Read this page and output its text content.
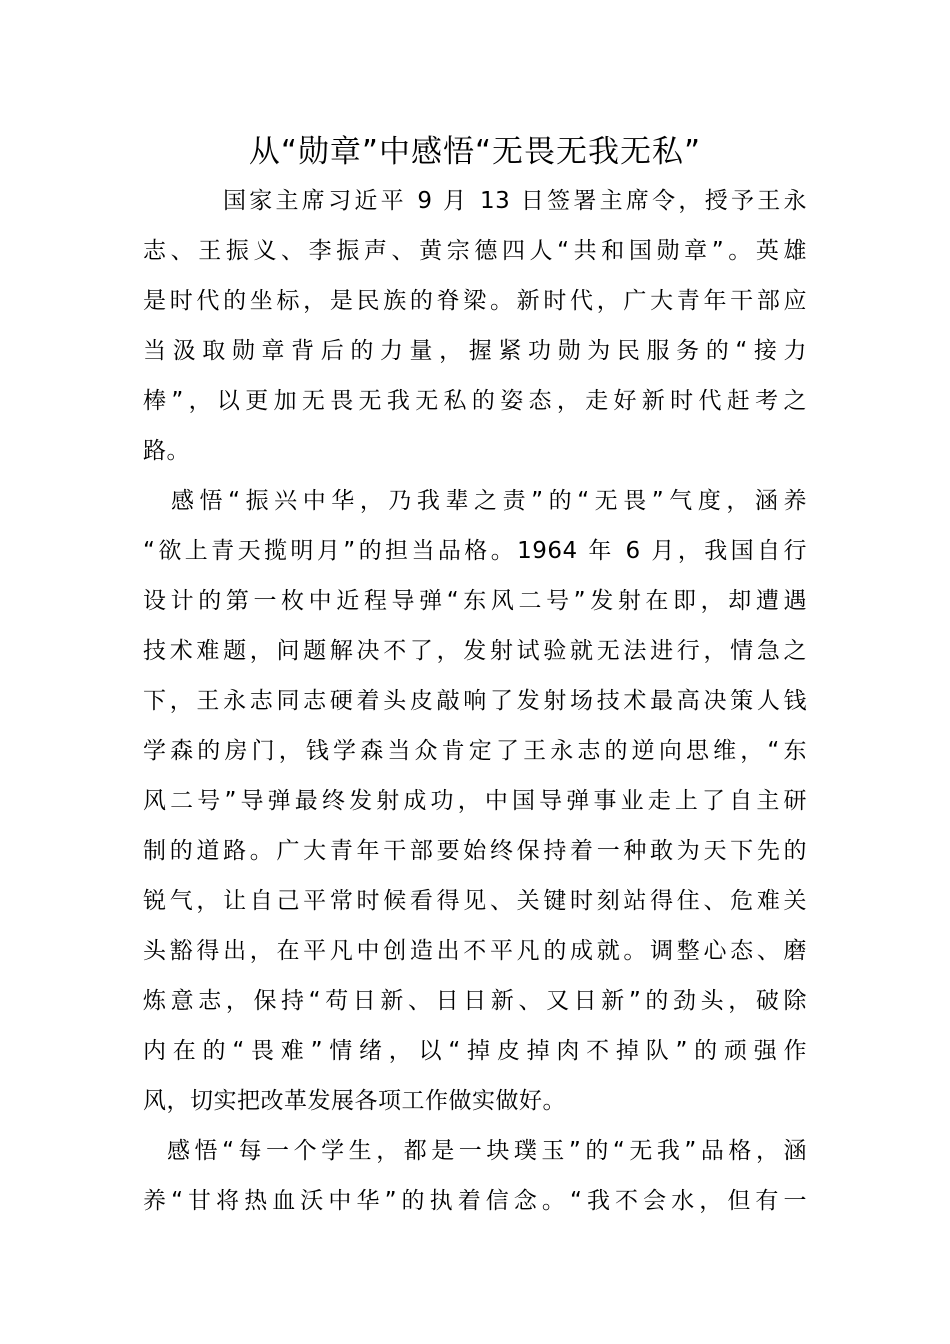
从“勋章”中感悟“无畏无我无私”
国家主席习近平 9 月 13 日签署主席令，授予王永
志、王振义、李振声、黄宗德四人“共和国勋章”。英雄
是时代的坐标，是民族的脊梁。新时代，广大青年干部应
当汲取勋章背后的力量，握紧功勋为民服务的“接力
棒”，以更加无畏无我无私的姿态，走好新时代赶考之
路。
感悟“振兴中华，乃我辈之责”的“无畏”气度，涵养
“欲上青天揽明月”的担当品格。1964 年 6 月，我国自行
设计的第一枚中近程导弹“东风二号”发射在即，却遭遇
技术难题，问题解决不了，发射试验就无法进行，情急之
下，王永志同志硬着头皮敲响了发射场技术最高决策人钱
学森的房门，钱学森当众肯定了王永志的逆向思维，“东
风二号”导弹最终发射成功，中国导弹事业走上了自主研
制的道路。广大青年干部要始终保持着一种敢为天下先的
锐气，让自己平常时候看得见、关键时刻站得住、危难关
头豁得出，在平凡中创造出不平凡的成就。调整心态、磨
炼意志，保持“苟日新、日日新、又日新”的劲头，破除
内在的“畏难”情绪，以“掉皮掉肉不掉队”的顽强作
风，切实把改革发展各项工作做实做好。
感悟“每一个学生，都是一块璞玉”的“无我”品格，涵
养“甘将热血沃中华”的执着信念。“我不会水，但有一
